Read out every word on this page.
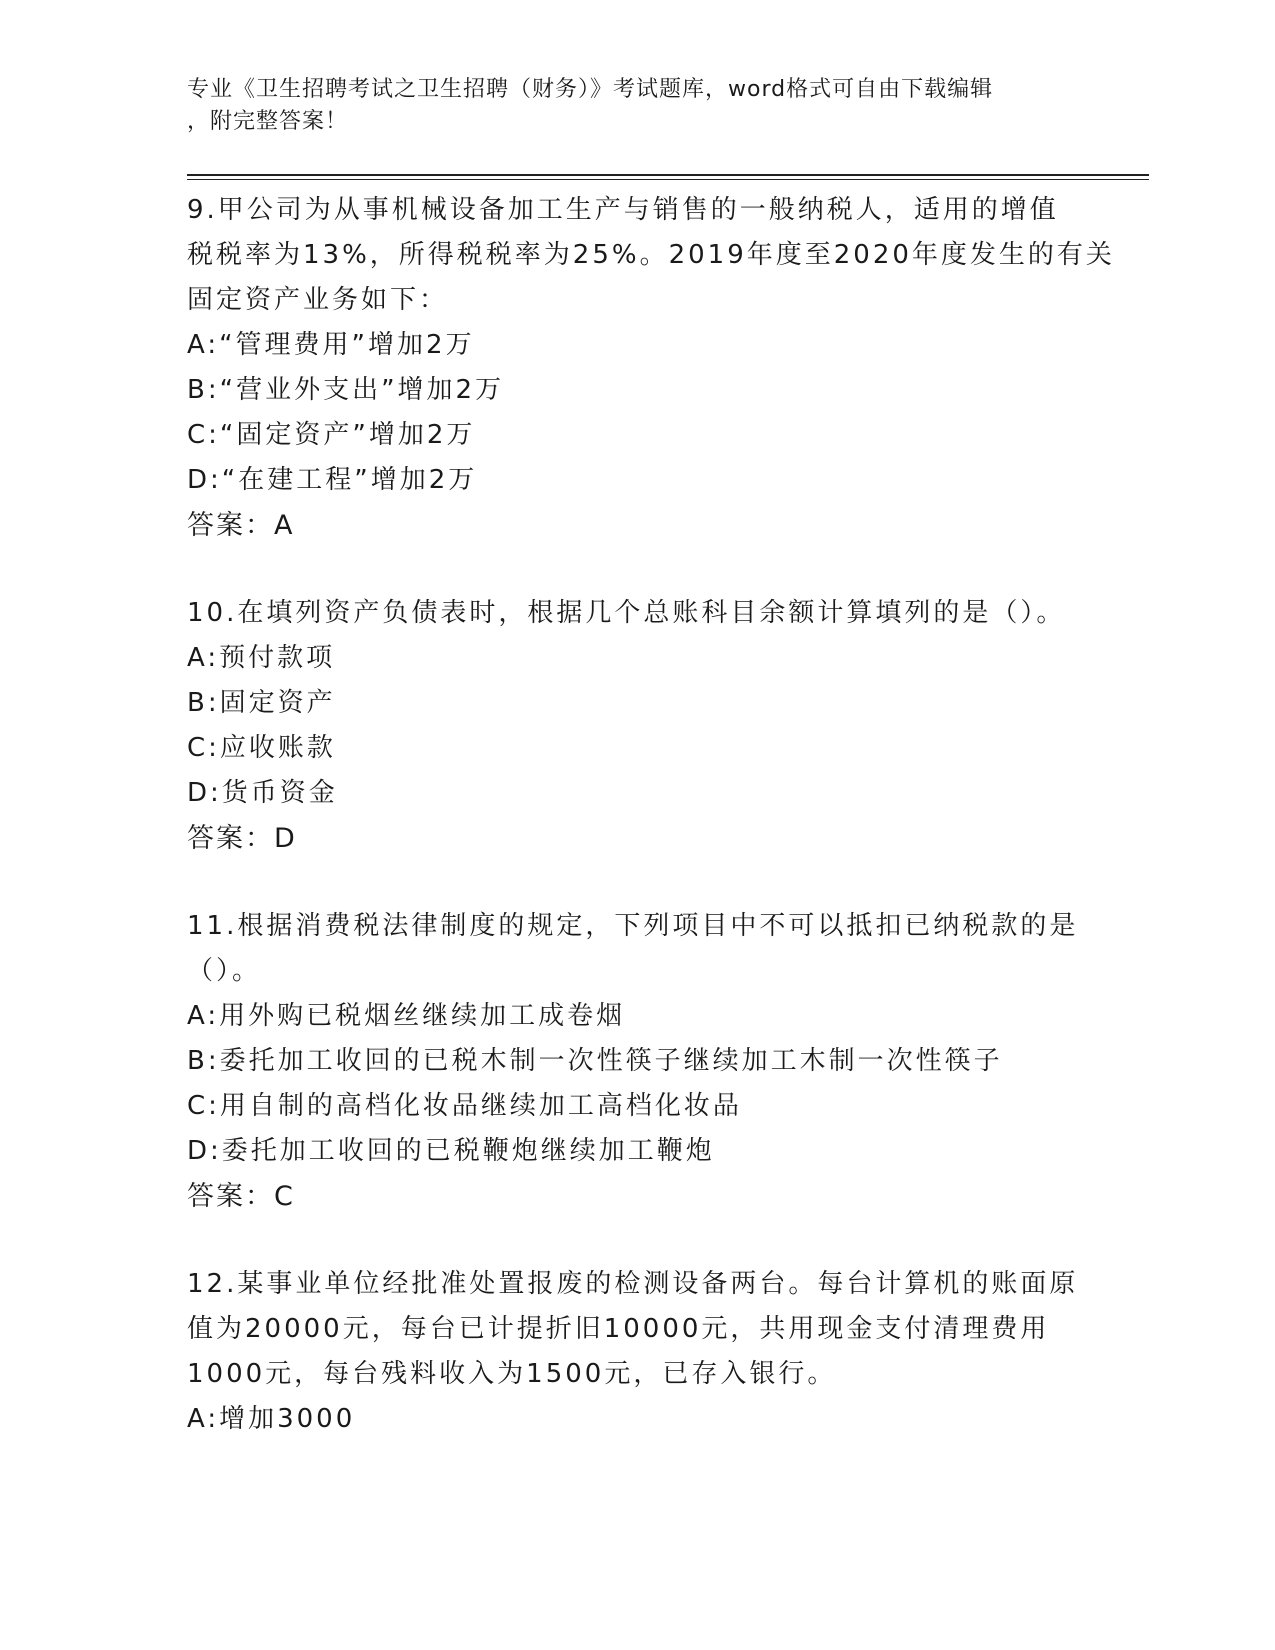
专业《卫生招聘考试之卫生招聘（财务）》考试题库，word格式可自由下载编辑
，附完整答案！
9.甲公司为从事机械设备加工生产与销售的一般纳税人，适用的增值
税税率为13%，所得税税率为25%。2019年度至2020年度发生的有关
固定资产业务如下：
A:“管理费用”增加2万
B:“营业外支出”增加2万
C:“固定资产”增加2万
D:“在建工程”增加2万
答案：A
10.在填列资产负债表时，根据几个总账科目余额计算填列的是（）。
A:预付款项
B:固定资产
C:应收账款
D:货币资金
答案：D
11.根据消费税法律制度的规定，下列项目中不可以抵扣已纳税款的是
（）。
A:用外购已税烟丝继续加工成卷烟
B:委托加工收回的已税木制一次性筷子继续加工木制一次性筷子
C:用自制的高档化妆品继续加工高档化妆品
D:委托加工收回的已税鞭炮继续加工鞭炮
答案：C
12.某事业单位经批准处置报废的检测设备两台。每台计算机的账面原
值为20000元，每台已计提折旧10000元，共用现金支付清理费用
1000元，每台残料收入为1500元，已存入银行。
A:增加3000
